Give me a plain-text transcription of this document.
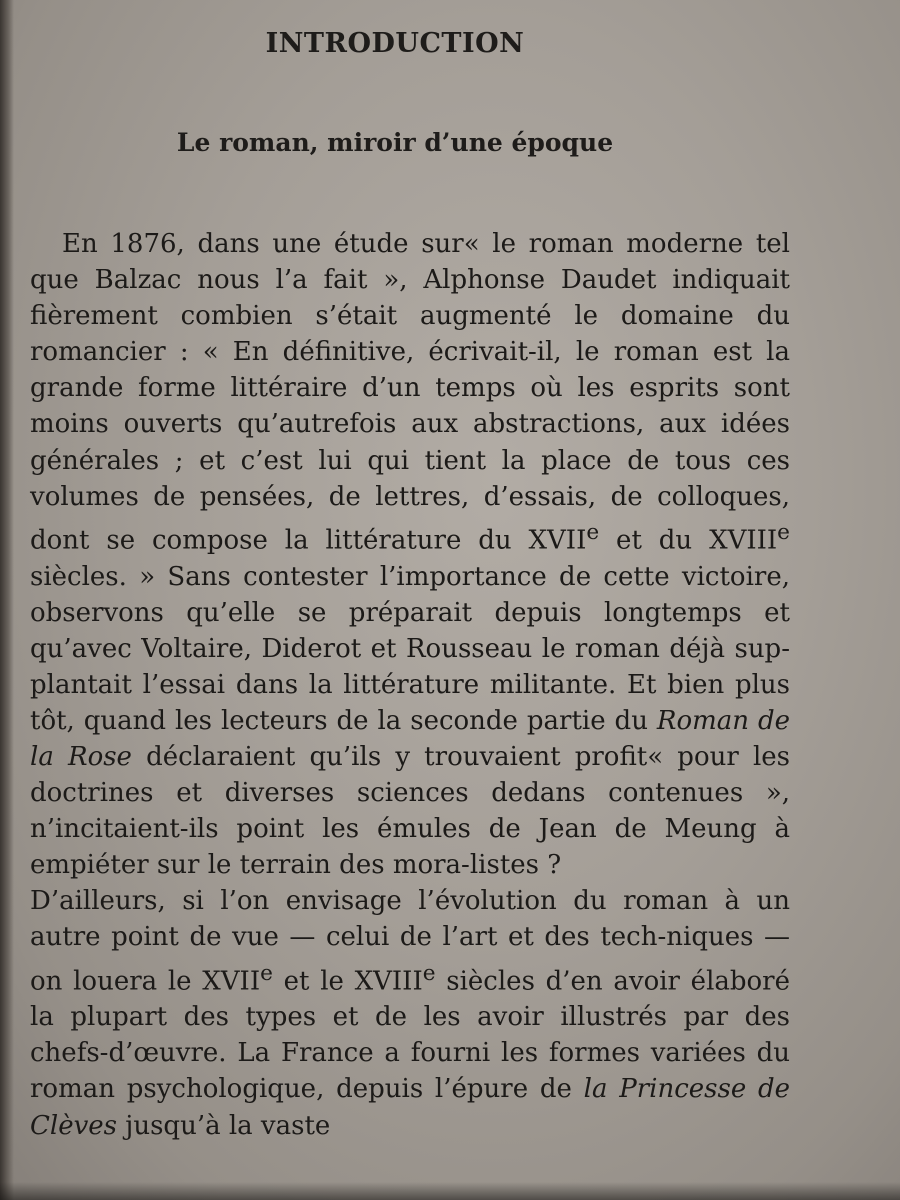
INTRODUCTION
Le roman, miroir d’une époque

En 1876, dans une étude sur« le roman moderne tel que Balzac nous l’a fait », Alphonse Daudet indiquait fièrement combien s’était augmenté le domaine du romancier : « En définitive, écrivait-il, le roman est la grande forme littéraire d’un temps où les esprits sont moins ouverts qu’autrefois aux abstractions, aux idées générales ; et c’est lui qui tient la place de tous ces volumes de pensées, de lettres, d’essais, de colloques, dont se compose la littérature du XVIIe et du XVIIIe siècles. » Sans contester l’importance de cette victoire, observons qu’elle se préparait depuis longtemps et qu’avec Voltaire, Diderot et Rousseau le roman déjà sup-plantait l’essai dans la littérature militante. Et bien plus tôt, quand les lecteurs de la seconde partie du Roman de la Rose déclaraient qu’ils y trouvaient profit« pour les doctrines et diverses sciences dedans contenues », n’incitaient-ils point les émules de Jean de Meung à empiéter sur le terrain des mora-listes ?

D’ailleurs, si l’on envisage l’évolution du roman à un autre point de vue — celui de l’art et des tech-niques — on louera le XVIIe et le XVIIIe siècles d’en avoir élaboré la plupart des types et de les avoir illustrés par des chefs-d’œuvre. La France a fourni les formes variées du roman psychologique, depuis l’épure de la Princesse de Clèves jusqu’à la vaste
